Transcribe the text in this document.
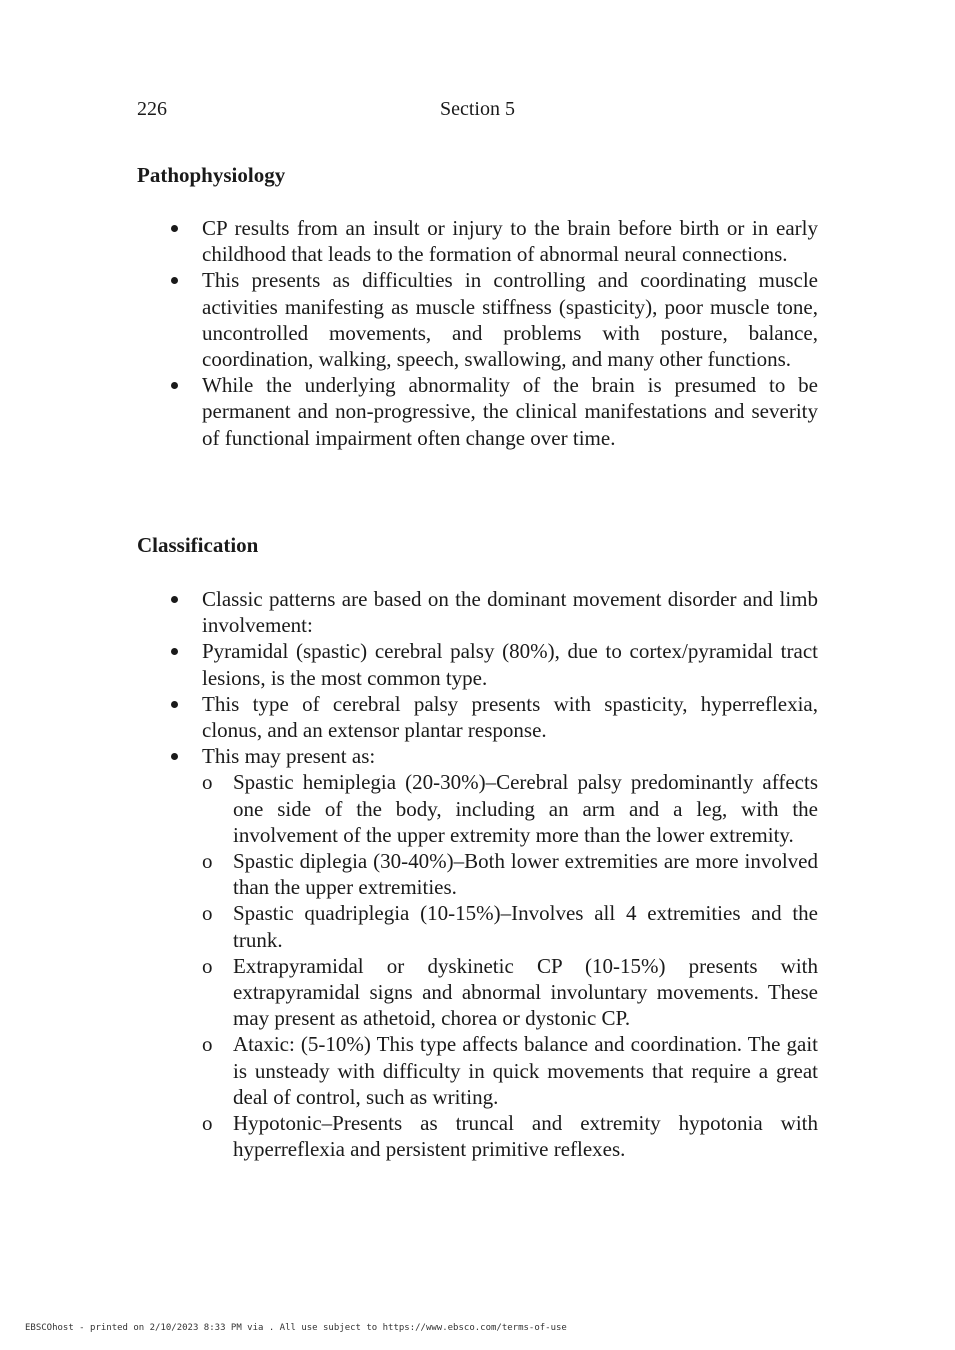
226	Section 5
Pathophysiology
CP results from an insult or injury to the brain before birth or in early childhood that leads to the formation of abnormal neural connections.
This presents as difficulties in controlling and coordinating muscle activities manifesting as muscle stiffness (spasticity), poor muscle tone, uncontrolled movements, and problems with posture, balance, coordination, walking, speech, swallowing, and many other functions.
While the underlying abnormality of the brain is presumed to be permanent and non-progressive, the clinical manifestations and severity of functional impairment often change over time.
Classification
Classic patterns are based on the dominant movement disorder and limb involvement:
Pyramidal (spastic) cerebral palsy (80%), due to cortex/pyramidal tract lesions, is the most common type.
This type of cerebral palsy presents with spasticity, hyperreflexia, clonus, and an extensor plantar response.
This may present as:
o Spastic hemiplegia (20-30%)–Cerebral palsy predominantly affects one side of the body, including an arm and a leg, with the involvement of the upper extremity more than the lower extremity.
o Spastic diplegia (30-40%)–Both lower extremities are more involved than the upper extremities.
o Spastic quadriplegia (10-15%)–Involves all 4 extremities and the trunk.
o Extrapyramidal or dyskinetic CP (10-15%) presents with extrapyramidal signs and abnormal involuntary movements. These may present as athetoid, chorea or dystonic CP.
o Ataxic: (5-10%) This type affects balance and coordination. The gait is unsteady with difficulty in quick movements that require a great deal of control, such as writing.
o Hypotonic–Presents as truncal and extremity hypotonia with hyperreflexia and persistent primitive reflexes.
EBSCOhost - printed on 2/10/2023 8:33 PM via . All use subject to https://www.ebsco.com/terms-of-use
